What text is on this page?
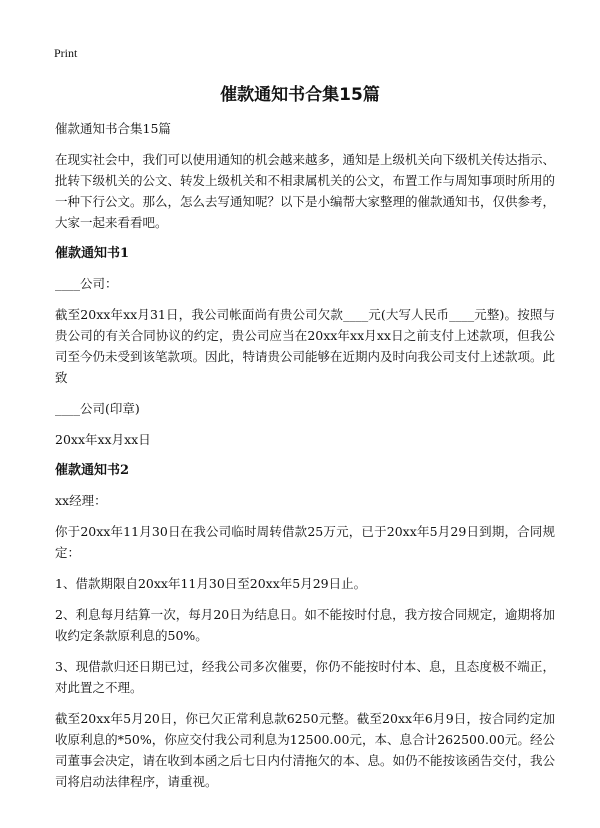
Print
催款通知书合集15篇

催款通知书合集15篇

在现实社会中，我们可以使用通知的机会越来越多，通知是上级机关向下级机关传达指示、批转下级机关的公文、转发上级机关和不相隶属机关的公文，布置工作与周知事项时所用的一种下行公文。那么，怎么去写通知呢？以下是小编帮大家整理的催款通知书，仅供参考，大家一起来看看吧。

催款通知书1

____公司：

截至20xx年xx月31日，我公司帐面尚有贵公司欠款____元(大写人民币____元整)。按照与贵公司的有关合同协议的约定，贵公司应当在20xx年xx月xx日之前支付上述款项，但我公司至今仍未受到该笔款项。因此，特请贵公司能够在近期内及时向我公司支付上述款项。此致

____公司(印章)

20xx年xx月xx日

催款通知书2

xx经理：

你于20xx年11月30日在我公司临时周转借款25万元，已于20xx年5月29日到期，合同规定：

1、借款期限自20xx年11月30日至20xx年5月29日止。

2、利息每月结算一次，每月20日为结息日。如不能按时付息，我方按合同规定，逾期将加收约定条款原利息的50%。

3、现借款归还日期已过，经我公司多次催要，你仍不能按时付本、息，且态度极不端正，对此置之不理。

截至20xx年5月20日，你已欠正常利息款6250元整。截至20xx年6月9日，按合同约定加收原利息的*50%，你应交付我公司利息为12500.00元，本、息合计262500.00元。经公司董事会决定，请在收到本函之后七日内付清拖欠的本、息。如仍不能按该函告交付，我公司将启动法律程序，请重视。
